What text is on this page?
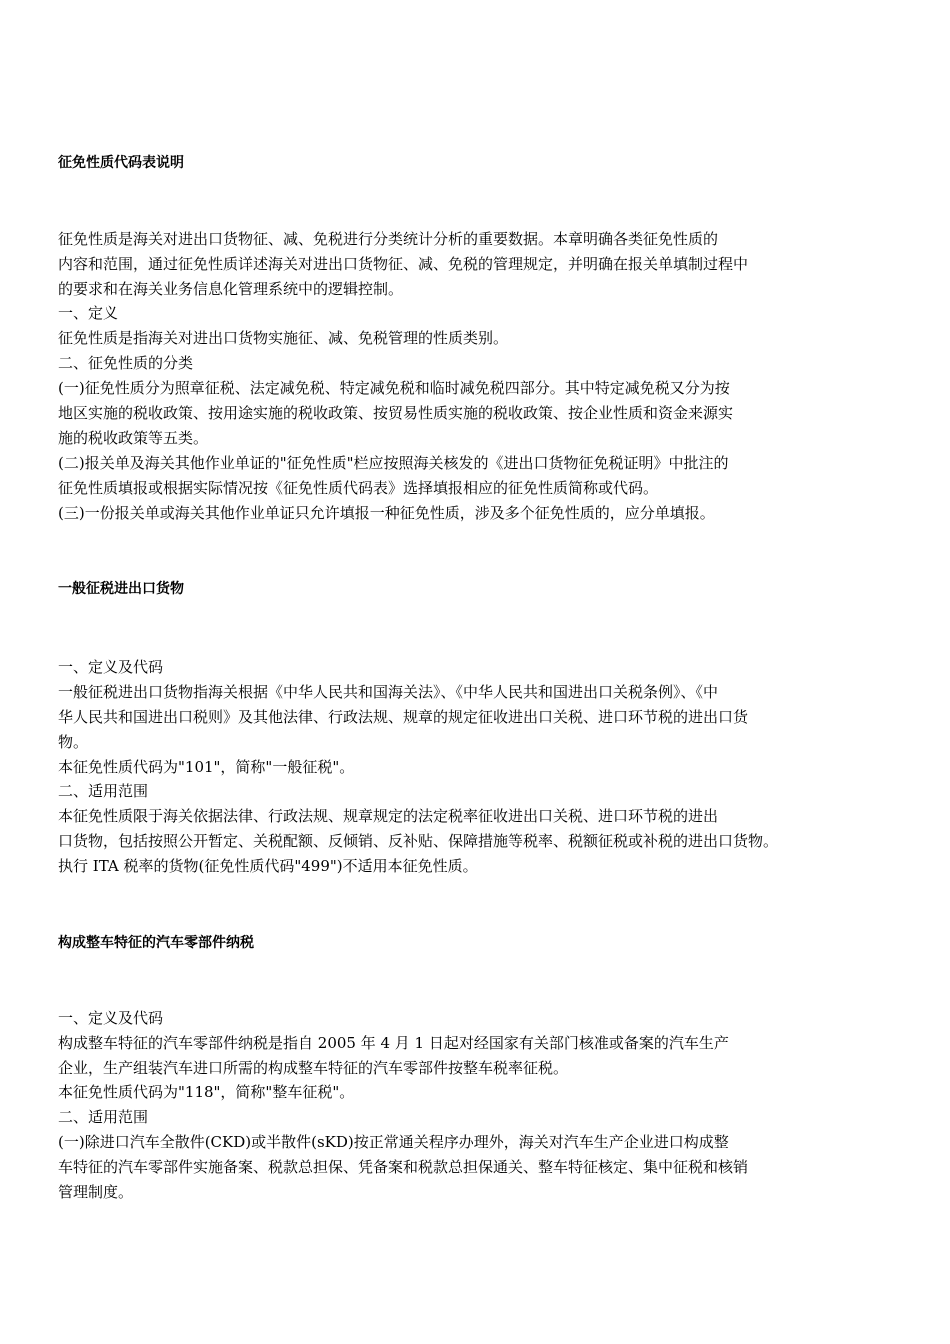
征免性质代码表说明

征免性质是海关对进出口货物征、减、免税进行分类统计分析的重要数据。本章明确各类征免性质的

内容和范围，通过征免性质详述海关对进出口货物征、减、免税的管理规定，并明确在报关单填制过程中

的要求和在海关业务信息化管理系统中的逻辑控制。

一、定义

征免性质是指海关对进出口货物实施征、减、免税管理的性质类别。

二、征免性质的分类

(一)征免性质分为照章征税、法定减免税、特定减免税和临时减免税四部分。其中特定减免税又分为按

地区实施的税收政策、按用途实施的税收政策、按贸易性质实施的税收政策、按企业性质和资金来源实

施的税收政策等五类。

(二)报关单及海关其他作业单证的"征免性质"栏应按照海关核发的《进出口货物征免税证明》中批注的

征免性质填报或根据实际情况按《征免性质代码表》选择填报相应的征免性质简称或代码。

(三)一份报关单或海关其他作业单证只允许填报一种征免性质，涉及多个征免性质的，应分单填报。

一般征税进出口货物

一、定义及代码

一般征税进出口货物指海关根据《中华人民共和国海关法》、《中华人民共和国进出口关税条例》、《中

华人民共和国进出口税则》及其他法律、行政法规、规章的规定征收进出口关税、进口环节税的进出口货

物。

本征免性质代码为"101"，简称"一般征税"。

二、适用范围

本征免性质限于海关依据法律、行政法规、规章规定的法定税率征收进出口关税、进口环节税的进出

口货物，包括按照公开暂定、关税配额、反倾销、反补贴、保障措施等税率、税额征税或补税的进出口货物。

执行 ITA 税率的货物(征免性质代码"499")不适用本征免性质。

构成整车特征的汽车零部件纳税

一、定义及代码

构成整车特征的汽车零部件纳税是指自 2005 年 4 月 1 日起对经国家有关部门核准或备案的汽车生产

企业，生产组装汽车进口所需的构成整车特征的汽车零部件按整车税率征税。

本征免性质代码为"118"，简称"整车征税"。

二、适用范围

(一)除进口汽车全散件(CKD)或半散件(sKD)按正常通关程序办理外，海关对汽车生产企业进口构成整

车特征的汽车零部件实施备案、税款总担保、凭备案和税款总担保通关、整车特征核定、集中征税和核销

管理制度。
